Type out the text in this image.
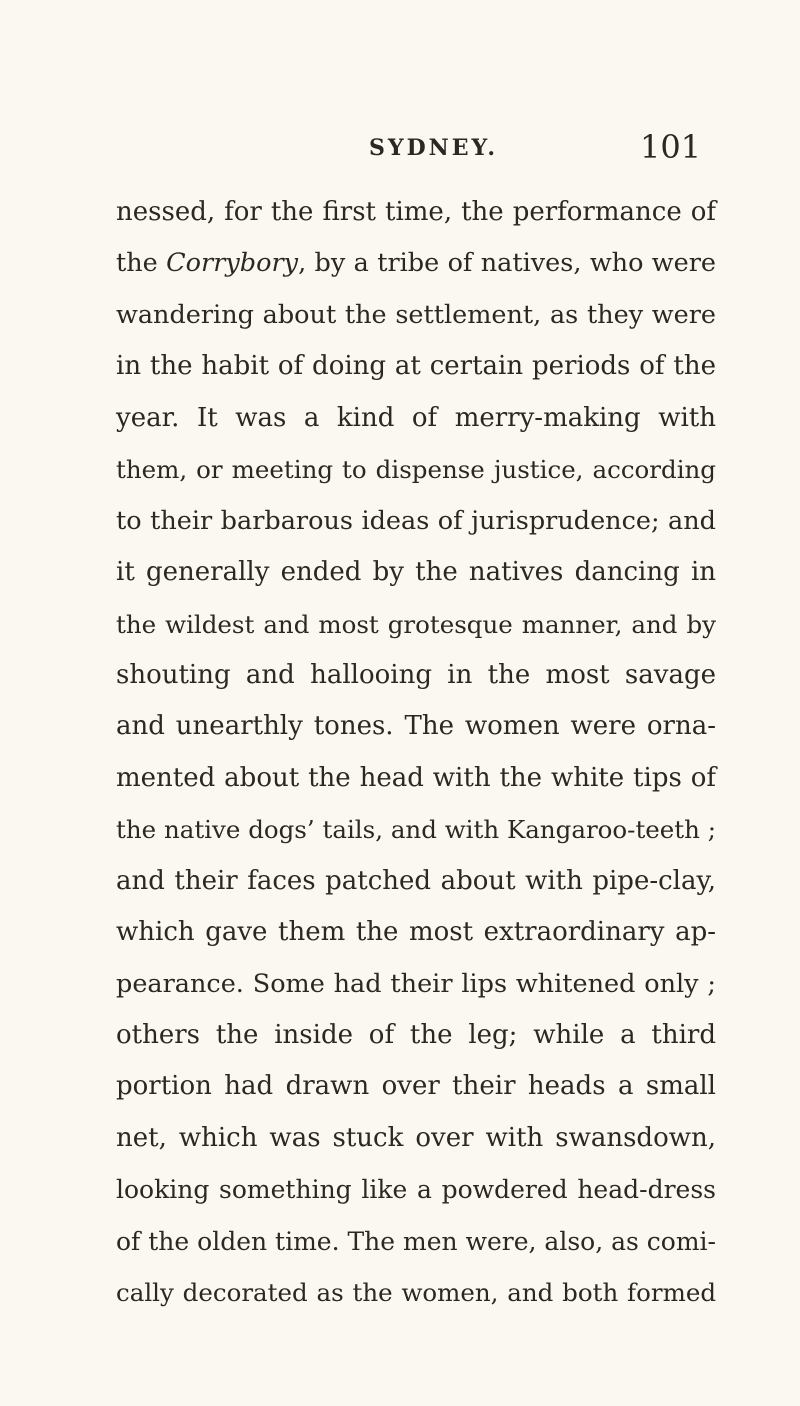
SYDNEY.	101
nessed, for the first time, the performance of
the Corrybory, by a tribe of natives, who were
wandering about the settlement, as they were
in the habit of doing at certain periods of the
year. It was a kind of merry-making with
them, or meeting to dispense justice, according
to their barbarous ideas of jurisprudence; and
it generally ended by the natives dancing in
the wildest and most grotesque manner, and by
shouting and hallooing in the most savage
and unearthly tones. The women were orna-
mented about the head with the white tips of
the native dogs’ tails, and with Kangaroo-teeth ;
and their faces patched about with pipe-clay,
which gave them the most extraordinary ap-
pearance. Some had their lips whitened only ;
others the inside of the leg; while a third
portion had drawn over their heads a small
net, which was stuck over with swansdown,
looking something like a powdered head-dress
of the olden time. The men were, also, as comi-
cally decorated as the women, and both formed
